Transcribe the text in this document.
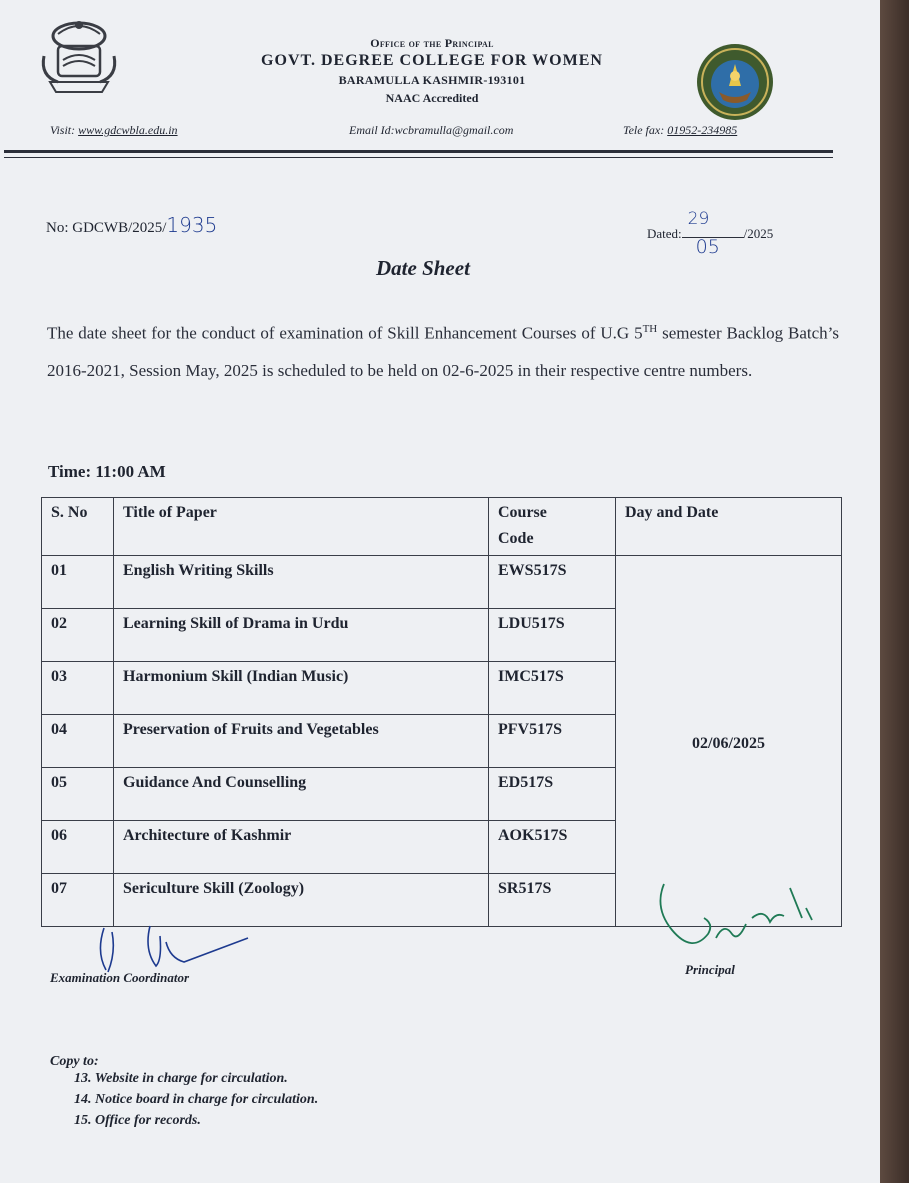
Office of the Principal
GOVT. DEGREE COLLEGE FOR WOMEN
BARAMULLA KASHMIR-193101
NAAC Accredited
Visit: www.gdcwbla.edu.in	Email Id:wcbramulla@gmail.com	Tele fax: 01952-234985
No: GDCWB/2025/1935	Dated:
29
05
/2025
Date Sheet
The date sheet for the conduct of examination of Skill Enhancement Courses of U.G 5TH semester Backlog Batch’s 2016-2021, Session May, 2025 is scheduled to be held on 02-6-2025 in their respective centre numbers.
Time: 11:00 AM
S. No	Title of Paper	Course Code	Day and Date
01	English Writing Skills	EWS517S	02/06/2025
02	Learning Skill of Drama in Urdu	LDU517S	
03	Harmonium Skill (Indian Music)	IMC517S	
04	Preservation of Fruits and Vegetables	PFV517S	
05	Guidance And Counselling	ED517S	
06	Architecture of Kashmir	AOK517S	
07	Sericulture Skill (Zoology)	SR517S	
Examination Coordinator
Principal
Copy to:
13. Website in charge for circulation.
14. Notice board in charge for circulation.
15. Office for records.
